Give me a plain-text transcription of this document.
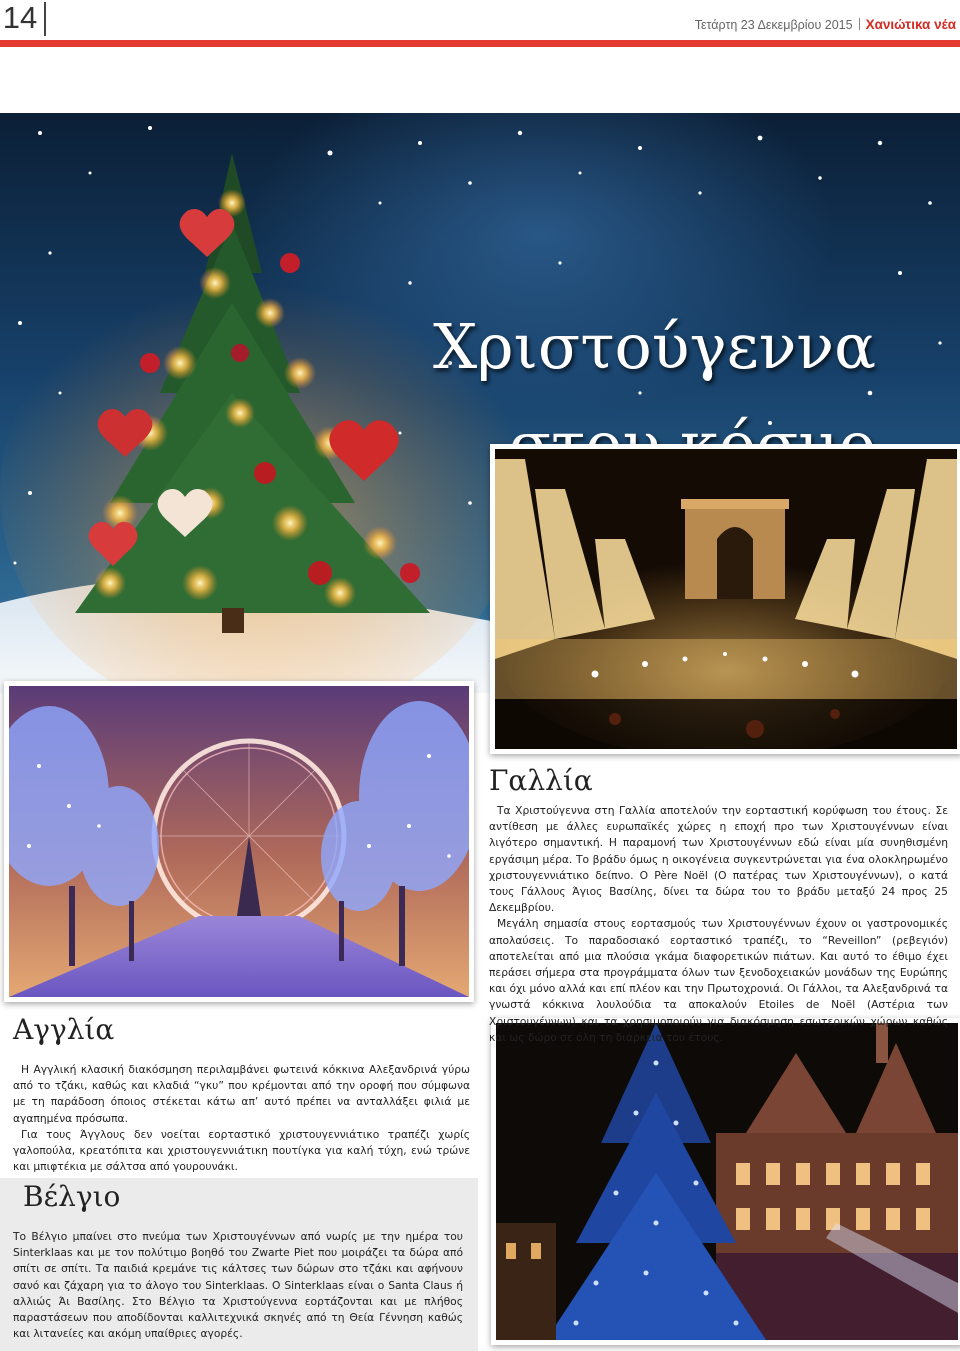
14	Τετάρτη 23 Δεκεμβρίου 2015 Χανιώτικα νέα
Χριστούγεννα
Γαλλία
Αγγλία

Τα Χριστούγεννα στη Γαλλία αποτελούν την εορταστική κορύφωση του έτους. Σε αντίθεση με άλλες ευρωπαϊκές χώρες η εποχή προ των Χριστουγέννων είναι λιγότερο σημαντική. Η παραμονή των Χριστουγέννων εδώ είναι μία συνηθισμένη εργάσιμη μέρα. Το βράδυ όμως η οικογένεια συγκεντρώνεται για ένα ολοκληρωμένο χριστουγεννιάτικο δείπνο. Ο Père Noël (Ο πατέρας των Χριστουγέννων), ο κατά τους Γάλλους Άγιος Βασίλης, δίνει τα δώρα του το βράδυ μεταξύ 24 προς 25 Δεκεμβρίου.

Μεγάλη σημασία στους εορτασμούς των Χριστουγέννων έχουν οι γαστρονομικές απολαύσεις. Το παραδοσιακό εορταστικό τραπέζι, το “Reveillon” (ρεβεγιόν) αποτελείται από μια πλούσια γκάμα διαφορετικών πιάτων. Και αυτό το έθιμο έχει περάσει σήμερα στα προγράμματα όλων των ξενοδοχειακών μονάδων της Ευρώπης και όχι μόνο αλλά και επί πλέον και την Πρωτοχρονιά. Οι Γάλλοι, τα Αλεξανδρινά τα γνωστά κόκκινα λουλούδια τα αποκαλούν Etoiles de Noël (Αστέρια των Χριστουγέννων) και τα χρησιμοποιούν για διακόσμηση εσωτερικών χώρων καθώς και ως δώρο σε όλη τη διάρκεια του έτους.

Η Αγγλική κλασική διακόσμηση περιλαμβάνει φωτεινά κόκκινα Αλεξανδρινά γύρω από το τζάκι, καθώς και κλαδιά “γκυ” που κρέμονται από την οροφή που σύμφωνα με τη παράδοση όποιος στέκεται κάτω απ’ αυτό πρέπει να ανταλλάξει φιλιά με αγαπημένα πρόσωπα.

Για τους Άγγλους δεν νοείται εορταστικό χριστουγεννιάτικο τραπέζι χωρίς γαλοπούλα, κρεατόπιτα και χριστουγεννιάτικη πουτίγκα για καλή τύχη, ενώ τρώνε και μπιφτέκια με σάλτσα από γουρουνάκι.

Βέλγιο

Το Βέλγιο μπαίνει στο πνεύμα των Χριστουγέννων από νωρίς με την ημέρα του Sinterklaas και με τον πολύτιμο βοηθό του Zwarte Piet που μοιράζει τα δώρα από σπίτι σε σπίτι. Τα παιδιά κρεμάνε τις κάλτσες των δώρων στο τζάκι και αφήνουν σανό και ζάχαρη για το άλογο του Sinterklaas. Ο Sinterklaas είναι ο Santa Claus ή αλλιώς Άι Βασίλης. Στο Βέλγιο τα Χριστούγεννα εορτάζονται και με πλήθος παραστάσεων που αποδίδονται καλλιτεχνικά σκηνές από τη Θεία Γέννηση καθώς και λιτανείες και ακόμη υπαίθριες αγορές.
